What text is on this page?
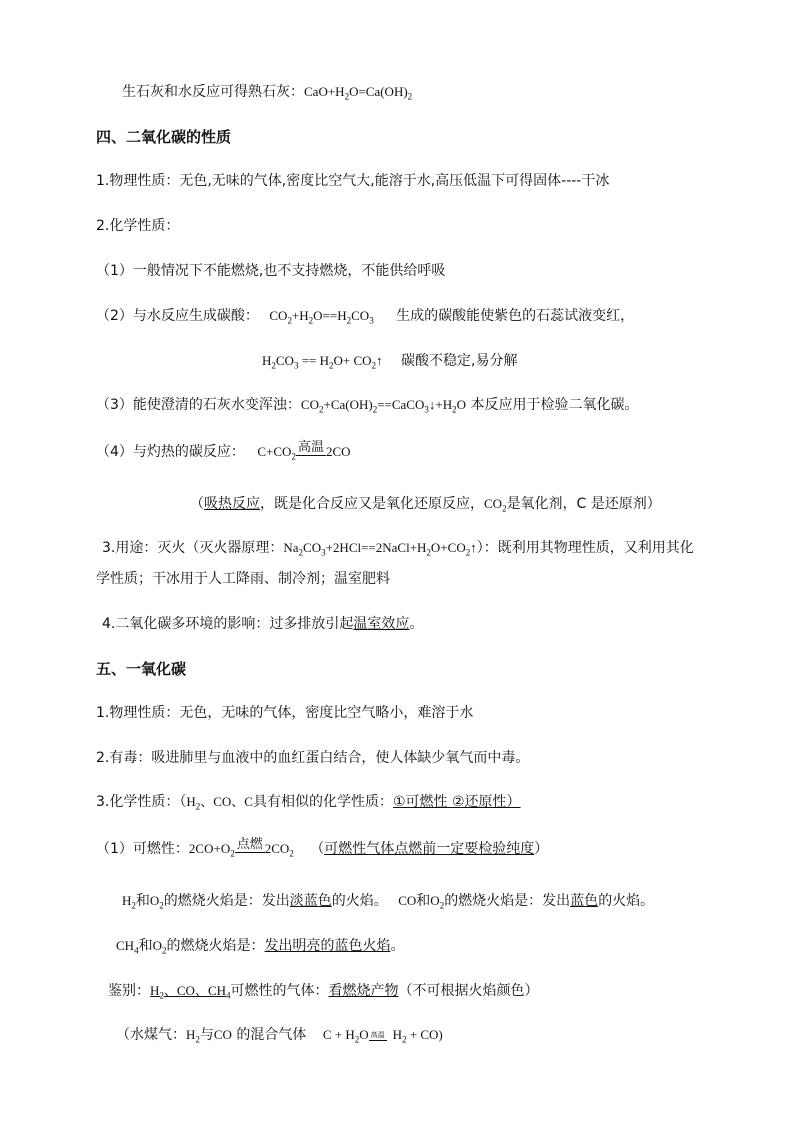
生石灰和水反应可得熟石灰：$CaO+H_2O=Ca(OH)_2$
四、二氧化碳的性质
1.物理性质：无色,无味的气体,密度比空气大,能溶于水,高压低温下可得固体----干冰
2.化学性质：
（1）一般情况下不能燃烧,也不支持燃烧，不能供给呼吸
（2）与水反应生成碳酸： $CO_2+H_2O==H_2CO_3$ 生成的碳酸能使紫色的石蕊试液变红，
$H_2CO_3 == H_2O+$ $CO_2↑$ 碳酸不稳定,易分解
（3）能使澄清的石灰水变浑浊：$CO_2+Ca(OH)_2==CaCO_3↓+H_2O$ 本反应用于检验二氧化碳。
（4）与灼热的碳反应： $C+CO_2$
高温 2CO
（吸热反应，既是化合反应又是氧化还原反应，$CO_2$是氧化剂，C 是还原剂）
3.用途：灭火（灭火器原理：$Na_2CO_3+2HCl==2NaCl+H_2O+CO_2↑$）：既利用其物理性质，又利用其化
学性质；干冰用于人工降雨、制冷剂；温室肥料
4.二氧化碳多环境的影响：过多排放引起温室效应。
五、一氧化碳
1.物理性质：无色，无味的气体，密度比空气略小，难溶于水
2.有毒：吸进肺里与血液中的血红蛋白结合，使人体缺少氧气而中毒。
3.化学性质：（$H_2$、CO、C具有相似的化学性质：①可燃性 ②还原性）
（1）可燃性：$2CO+O_2$
点燃 $2CO_2$ （可燃性气体点燃前一定要检验纯度）
$H_2$和$O_2$的燃烧火焰是：发出淡蓝色的火焰。 CO和$O_2$的燃烧火焰是：发出蓝色的火焰。
$CH_4$和$O_2$的燃烧火焰是：发出明亮的蓝色火焰。
鉴别：$H_2$、CO、$CH_4$可燃性的气体：看燃烧产物（不可根据火焰颜色）
（水煤气：$H_2$与CO 的混合气体 $C + H_2O$ 高温 $H_2 + CO$)
